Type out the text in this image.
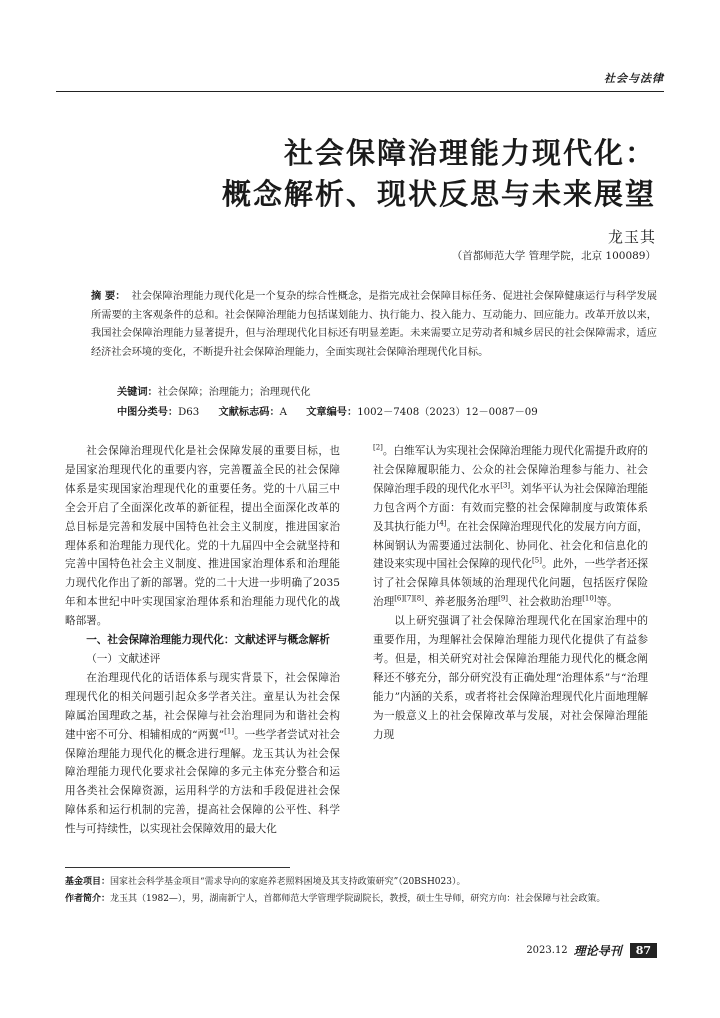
社会与法律
社会保障治理能力现代化：
概念解析、现状反思与未来展望
龙玉其
（首都师范大学 管理学院，北京 100089）
摘 要： 社会保障治理能力现代化是一个复杂的综合性概念，是指完成社会保障目标任务、促进社会保障健康运行与科学发展所需要的主客观条件的总和。社会保障治理能力包括谋划能力、执行能力、投入能力、互动能力、回应能力。改革开放以来，我国社会保障治理能力显著提升，但与治理现代化目标还有明显差距。未来需要立足劳动者和城乡居民的社会保障需求，适应经济社会环境的变化，不断提升社会保障治理能力，全面实现社会保障治理现代化目标。
关键词：社会保障；治理能力；治理现代化
中图分类号：D63 文献标志码：A 文章编号：1002－7408（2023）12－0087－09

社会保障治理现代化是社会保障发展的重要目标，也是国家治理现代化的重要内容，完善覆盖全民的社会保障体系是实现国家治理现代化的重要任务。党的十八届三中全会开启了全面深化改革的新征程，提出全面深化改革的总目标是完善和发展中国特色社会主义制度，推进国家治理体系和治理能力现代化。党的十九届四中全会就坚持和完善中国特色社会主义制度、推进国家治理体系和治理能力现代化作出了新的部署。党的二十大进一步明确了2035年和本世纪中叶实现国家治理体系和治理能力现代化的战略部署。

一、社会保障治理能力现代化：文献述评与概念解析

（一）文献述评

在治理现代化的话语体系与现实背景下，社会保障治理现代化的相关问题引起众多学者关注。童星认为社会保障属治国理政之基，社会保障与社会治理同为和谐社会构建中密不可分、相辅相成的“两翼”[1]。一些学者尝试对社会保障治理能力现代化的概念进行理解。龙玉其认为社会保障治理能力现代化要求社会保障的多元主体充分整合和运用各类社会保障资源，运用科学的方法和手段促进社会保障体系和运行机制的完善，提高社会保障的公平性、科学性与可持续性，以实现社会保障效用的最大化

[2]。白维军认为实现社会保障治理能力现代化需提升政府的社会保障履职能力、公众的社会保障治理参与能力、社会保障治理手段的现代化水平[3]。刘华平认为社会保障治理能力包含两个方面：有效而完整的社会保障制度与政策体系及其执行能力[4]。在社会保障治理现代化的发展方向方面，林闽钢认为需要通过法制化、协同化、社会化和信息化的建设来实现中国社会保障的现代化[5]。此外，一些学者还探讨了社会保障具体领域的治理现代化问题，包括医疗保险治理[6][7][8]、养老服务治理[9]、社会救助治理[10]等。

以上研究强调了社会保障治理现代化在国家治理中的重要作用，为理解社会保障治理能力现代化提供了有益参考。但是，相关研究对社会保障治理能力现代化的概念阐释还不够充分，部分研究没有正确处理“治理体系”与“治理能力”内涵的关系，或者将社会保障治理现代化片面地理解为一般意义上的社会保障改革与发展，对社会保障治理能力现

基金项目：国家社会科学基金项目“需求导向的家庭养老照料困境及其支持政策研究”（20BSH023）。
作者简介：龙玉其（1982—），男，湖南新宁人，首都师范大学管理学院副院长，教授，硕士生导师，研究方向：社会保障与社会政策。
2023.12 理论导刊	87
